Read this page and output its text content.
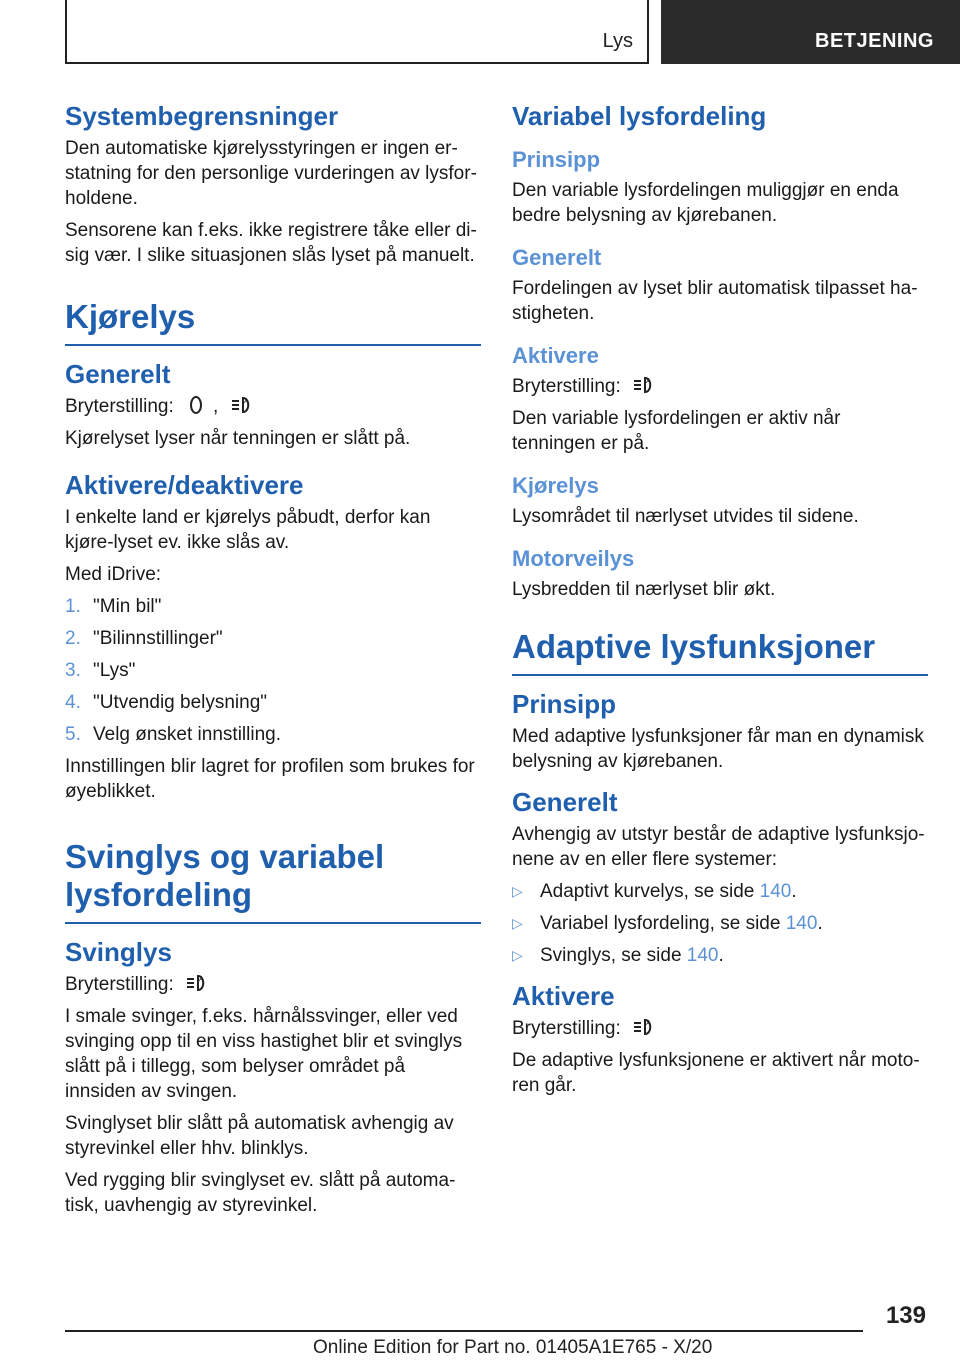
Lys	BETJENING
Systembegrensninger

Den automatiske kjørelysstyringen er ingen er-statning for den personlige vurderingen av lysfor-holdene.

Sensorene kan f.eks. ikke registrere tåke eller di-sig vær. I slike situasjonen slås lyset på manuelt.

Kjørelys
Generelt

Bryterstilling: ,	A

Kjørelyset lyser når tenningen er slått på.

Aktivere/deaktivere

I enkelte land er kjørelys påbudt, derfor kan kjøre-lyset ev. ikke slås av.

Med iDrive:

1. "Min bil"
2. "Bilinnstillinger"
3. "Lys"
4. "Utvendig belysning"
5. Velg ønsket innstilling.

Innstillingen blir lagret for profilen som brukes for øyeblikket.

Svinglys og variabel lysfordeling
Svinglys

Bryterstilling:	A

I smale svinger, f.eks. hårnålssvinger, eller ved svinging opp til en viss hastighet blir et svinglys slått på i tillegg, som belyser området på innsiden av svingen.

Svinglyset blir slått på automatisk avhengig av styrevinkel eller hhv. blinklys.

Ved rygging blir svinglyset ev. slått på automa-tisk, uavhengig av styrevinkel.

Variabel lysfordeling
Prinsipp

Den variable lysfordelingen muliggjør en enda bedre belysning av kjørebanen.

Generelt

Fordelingen av lyset blir automatisk tilpasset ha-stigheten.

Aktivere

Bryterstilling:	A

Den variable lysfordelingen er aktiv når tenningen er på.

Kjørelys

Lysområdet til nærlyset utvides til sidene.

Motorveilys

Lysbredden til nærlyset blir økt.

Adaptive lysfunksjoner
Prinsipp

Med adaptive lysfunksjoner får man en dynamisk belysning av kjørebanen.

Generelt

Avhengig av utstyr består de adaptive lysfunksjo-nene av en eller flere systemer:

▷ Adaptivt kurvelys, se side 140.
▷ Variabel lysfordeling, se side 140.
▷ Svinglys, se side 140.
Aktivere

Bryterstilling:	A

De adaptive lysfunksjonene er aktivert når moto-ren går.

139
Online Edition for Part no. 01405A1E765 - X/20
